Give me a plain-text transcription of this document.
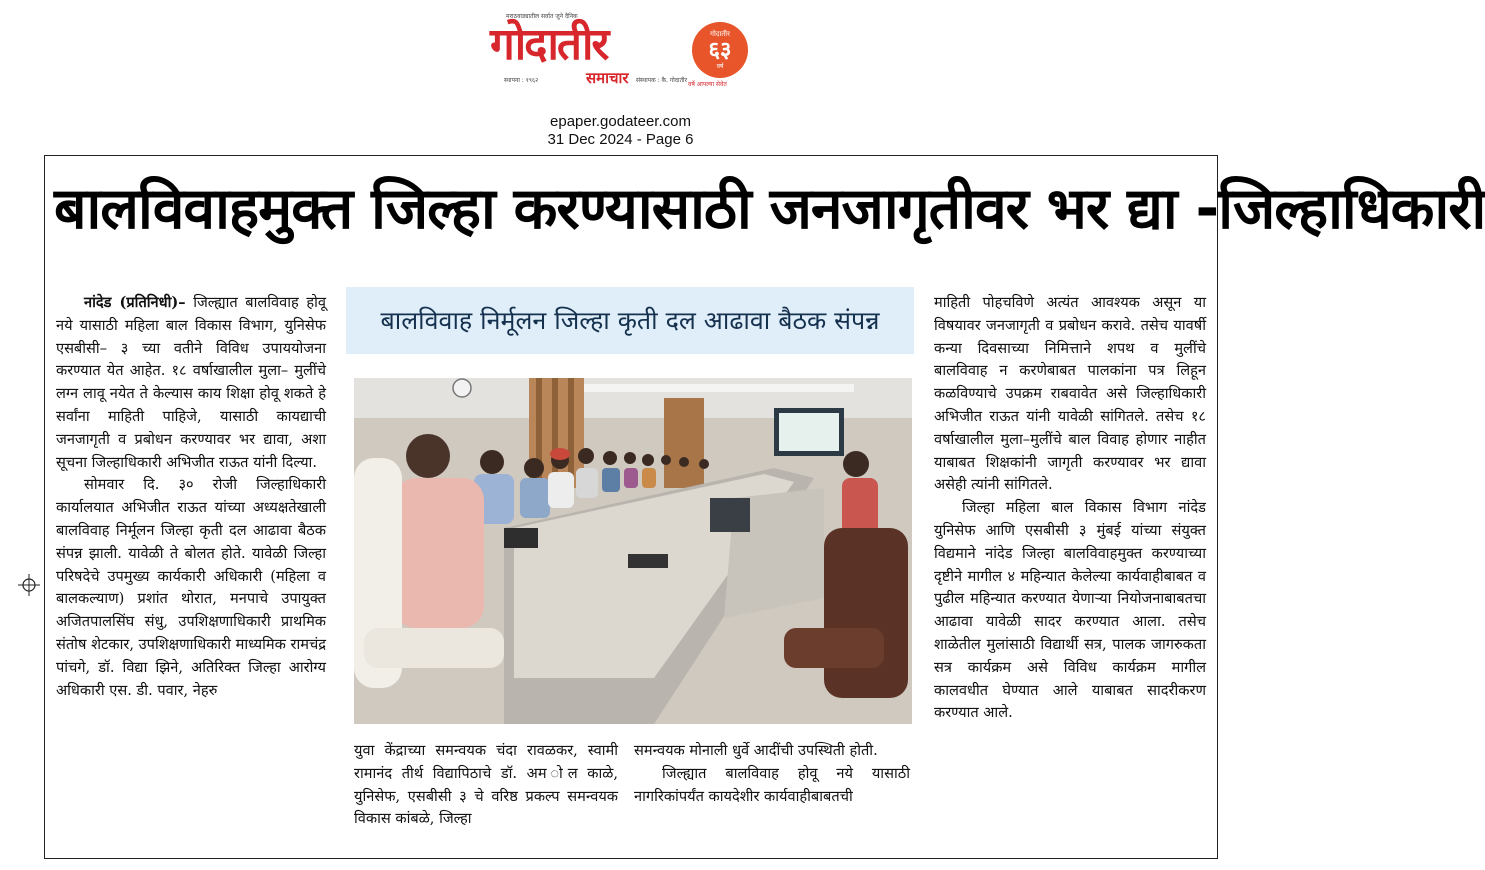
मराठवाड्यातील सर्वात जुने दैनिक
गोदातीर
समाचार
स्थापना : १९६२	संस्थापक : कै. गोदातीर
गोदातीर
६३
वर्ष
वर्षे आपल्या सेवेत
epaper.godateer.com
31 Dec 2024 - Page 6
बालविवाहमुक्त जिल्हा करण्यासाठी जनजागृतीवर भर द्या -जिल्हाधिकारी

नांदेड (प्रतिनिधी)– जिल्ह्यात बालविवाह होवू नये यासाठी महिला बाल विकास विभाग, युनिसेफ एसबीसी– ३ च्या वतीने विविध उपाययोजना करण्यात येत आहेत. १८ वर्षाखालील मुला– मुलींचे लग्न लावू नयेत ते केल्यास काय शिक्षा होवू शकते हे सर्वांना माहिती पाहिजे, यासाठी कायद्याची जनजागृती व प्रबोधन करण्यावर भर द्यावा, अशा सूचना जिल्हाधिकारी अभिजीत राऊत यांनी दिल्या.

सोमवार दि. ३० रोजी जिल्हाधिकारी कार्यालयात अभिजीत राऊत यांच्या अध्यक्षतेखाली बालविवाह निर्मूलन जिल्हा कृती दल आढावा बैठक संपन्न झाली. यावेळी ते बोलत होते. यावेळी जिल्हा परिषदेचे उपमुख्य कार्यकारी अधिकारी (महिला व बालकल्याण) प्रशांत थोरात, मनपाचे उपायुक्त अजितपालसिंघ संधु, उपशिक्षणाधिकारी प्राथमिक संतोष शेटकार, उपशिक्षणाधिकारी माध्यमिक रामचंद्र पांचगे, डॉ. विद्या झिने, अतिरिक्त जिल्हा आरोग्य अधिकारी एस. डी. पवार, नेहरु

बालविवाह निर्मूलन जिल्हा कृती दल आढावा बैठक संपन्न

युवा केंद्राच्या समन्वयक चंदा रावळकर, स्वामी रामानंद तीर्थ विद्यापिठाचे डॉ. अम ोल काळे, युनिसेफ, एसबीसी ३ चे वरिष्ठ प्रकल्प समन्वयक विकास कांबळे, जिल्हा

समन्वयक मोनाली धुर्वे आदींची उपस्थिती होती.

जिल्ह्यात बालविवाह होवू नये यासाठी नागरिकांपर्यंत कायदेशीर कार्यवाहीबाबतची

माहिती पोहचविणे अत्यंत आवश्यक असून या विषयावर जनजागृती व प्रबोधन करावे. तसेच यावर्षी कन्या दिवसाच्या निमित्ताने शपथ व मुलींचे बालविवाह न करणेबाबत पालकांना पत्र लिहून कळविण्याचे उपक्रम राबवावेत असे जिल्हाधिकारी अभिजीत राऊत यांनी यावेळी सांगितले. तसेच १८ वर्षाखालील मुला–मुलींचे बाल विवाह होणार नाहीत याबाबत शिक्षकांनी जागृती करण्यावर भर द्यावा असेही त्यांनी सांगितले.

जिल्हा महिला बाल विकास विभाग नांदेड युनिसेफ आणि एसबीसी ३ मुंबई यांच्या संयुक्त विद्यमाने नांदेड जिल्हा बालविवाहमुक्त करण्याच्या दृष्टीने मागील ४ महिन्यात केलेल्या कार्यवाहीबाबत व पुढील महिन्यात करण्यात येणाऱ्या नियोजनाबाबतचा आढावा यावेळी सादर करण्यात आला. तसेच शाळेतील मुलांसाठी विद्यार्थी सत्र, पालक जागरुकता सत्र कार्यक्रम असे विविध कार्यक्रम मागील कालवधीत घेण्यात आले याबाबत सादरीकरण करण्यात आले.
